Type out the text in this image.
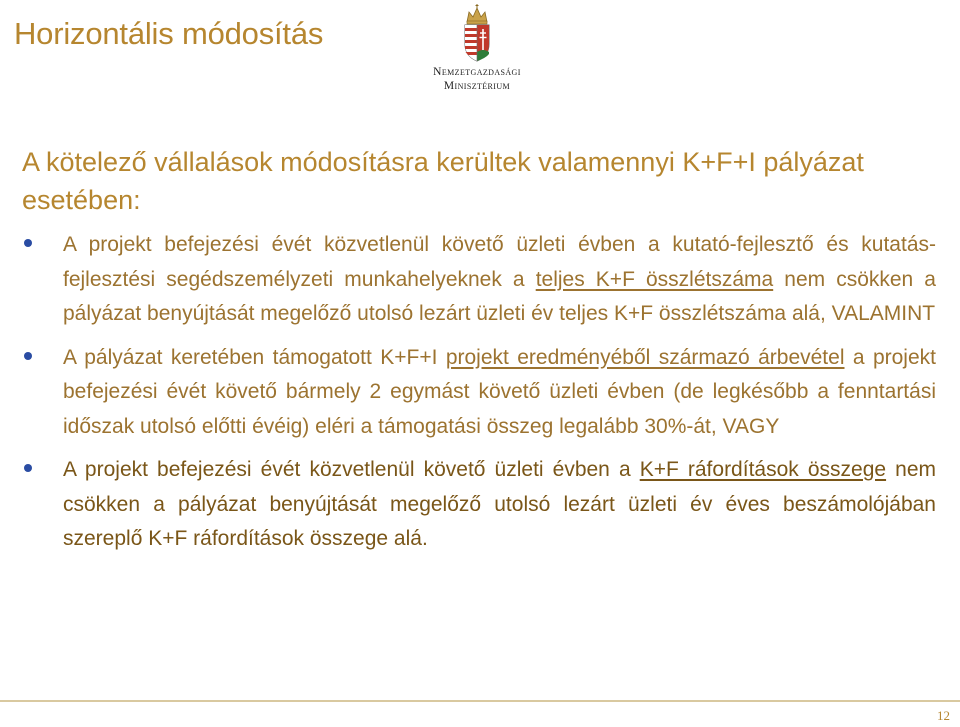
Horizontális módosítás
Nemzetgazdasági
Minisztérium
A kötelező vállalások módosításra kerültek valamennyi K+F+I pályázat esetében:
A projekt befejezési évét közvetlenül követő üzleti évben a kutató-fejlesztő és kutatás-fejlesztési segédszemélyzeti munkahelyeknek a teljes K+F összlétszáma nem csökken a pályázat benyújtását megelőző utolsó lezárt üzleti év teljes K+F összlétszáma alá, VALAMINT
A pályázat keretében támogatott K+F+I projekt eredményéből származó árbevétel a projekt befejezési évét követő bármely 2 egymást követő üzleti évben (de legkésőbb a fenntartási időszak utolsó előtti évéig) eléri a támogatási összeg legalább 30%-át, VAGY
A projekt befejezési évét közvetlenül követő üzleti évben a K+F ráfordítások összege nem csökken a pályázat benyújtását megelőző utolsó lezárt üzleti év éves beszámolójában szereplő K+F ráfordítások összege alá.
12
